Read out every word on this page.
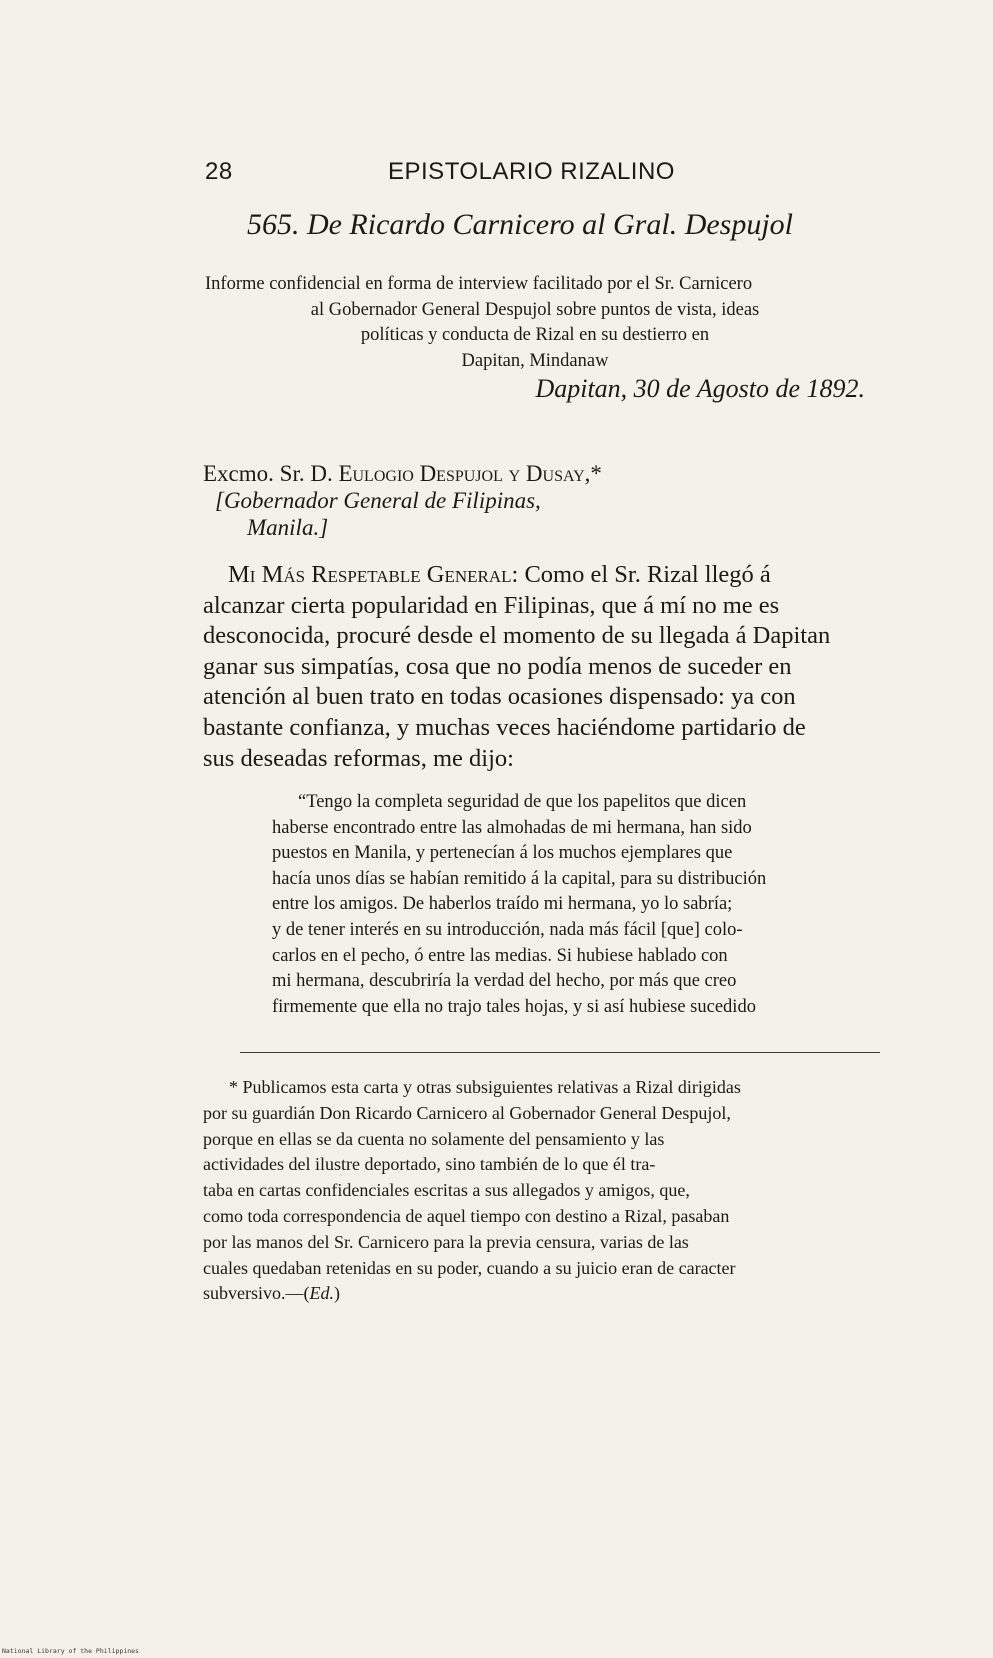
28	EPISTOLARIO RIZALINO
565. De Ricardo Carnicero al Gral. Despujol
Informe confidencial en forma de interview facilitado por el Sr. Carnicero
al Gobernador General Despujol sobre puntos de vista, ideas
políticas y conducta de Rizal en su destierro en
Dapitan, Mindanaw
Dapitan, 30 de Agosto de 1892.
Excmo. Sr. D. Eulogio Despujol y Dusay,*
[Gobernador General de Filipinas,
Manila.]
Mi Más Respetable General: Como el Sr. Rizal llegó á
alcanzar cierta popularidad en Filipinas, que á mí no me es
desconocida, procuré desde el momento de su llegada á Dapitan
ganar sus simpatías, cosa que no podía menos de suceder en
atención al buen trato en todas ocasiones dispensado: ya con
bastante confianza, y muchas veces haciéndome partidario de
sus deseadas reformas, me dijo:
“Tengo la completa seguridad de que los papelitos que dicen
haberse encontrado entre las almohadas de mi hermana, han sido
puestos en Manila, y pertenecían á los muchos ejemplares que
hacía unos días se habían remitido á la capital, para su distribución
entre los amigos. De haberlos traído mi hermana, yo lo sabría;
y de tener interés en su introducción, nada más fácil [que] colo-
carlos en el pecho, ó entre las medias. Si hubiese hablado con
mi hermana, descubriría la verdad del hecho, por más que creo
firmemente que ella no trajo tales hojas, y si así hubiese sucedido
* Publicamos esta carta y otras subsiguientes relativas a Rizal dirigidas
por su guardián Don Ricardo Carnicero al Gobernador General Despujol,
porque en ellas se da cuenta no solamente del pensamiento y las
actividades del ilustre deportado, sino también de lo que él tra-
taba en cartas confidenciales escritas a sus allegados y amigos, que,
como toda correspondencia de aquel tiempo con destino a Rizal, pasaban
por las manos del Sr. Carnicero para la previa censura, varias de las
cuales quedaban retenidas en su poder, cuando a su juicio eran de caracter
subversivo.—(Ed.)
National Library of the Philippines
